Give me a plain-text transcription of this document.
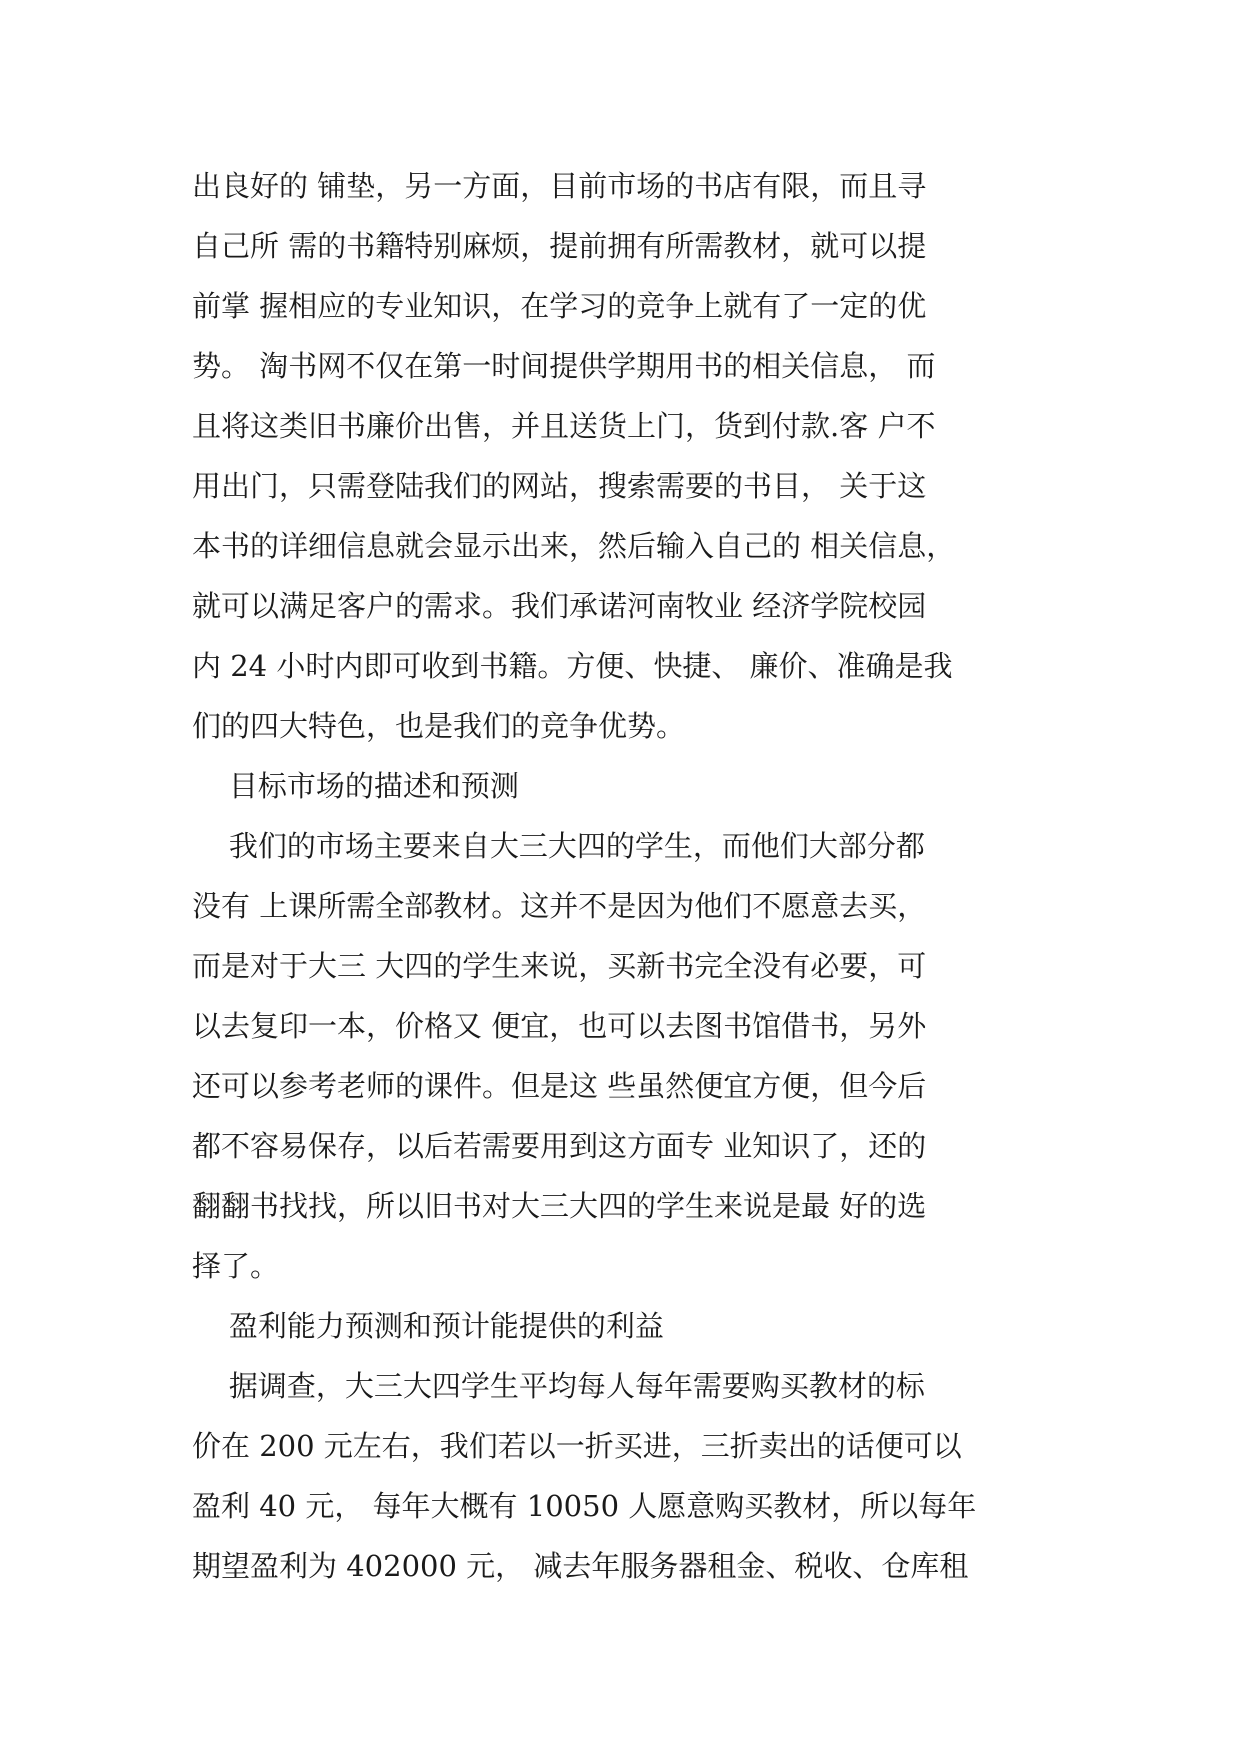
出良好的 铺垫，另一方面，目前市场的书店有限，而且寻
自己所 需的书籍特别麻烦，提前拥有所需教材，就可以提
前掌 握相应的专业知识，在学习的竞争上就有了一定的优
势。 淘书网不仅在第一时间提供学期用书的相关信息， 而
且将这类旧书廉价出售，并且送货上门，货到付款.客 户不
用出门，只需登陆我们的网站，搜索需要的书目， 关于这
本书的详细信息就会显示出来，然后输入自己的 相关信息，
就可以满足客户的需求。我们承诺河南牧业 经济学院校园
内 24 小时内即可收到书籍。方便、快捷、 廉价、准确是我
们的四大特色，也是我们的竞争优势。
目标市场的描述和预测
我们的市场主要来自大三大四的学生，而他们大部分都
没有 上课所需全部教材。这并不是因为他们不愿意去买，
而是对于大三 大四的学生来说，买新书完全没有必要，可
以去复印一本，价格又 便宜，也可以去图书馆借书，另外
还可以参考老师的课件。但是这 些虽然便宜方便，但今后
都不容易保存，以后若需要用到这方面专 业知识了，还的
翻翻书找找，所以旧书对大三大四的学生来说是最 好的选
择了。
盈利能力预测和预计能提供的利益
据调查，大三大四学生平均每人每年需要购买教材的标
价在 200 元左右，我们若以一折买进，三折卖出的话便可以
盈利 40 元， 每年大概有 10050 人愿意购买教材，所以每年
期望盈利为 402000 元， 减去年服务器租金、税收、仓库租
